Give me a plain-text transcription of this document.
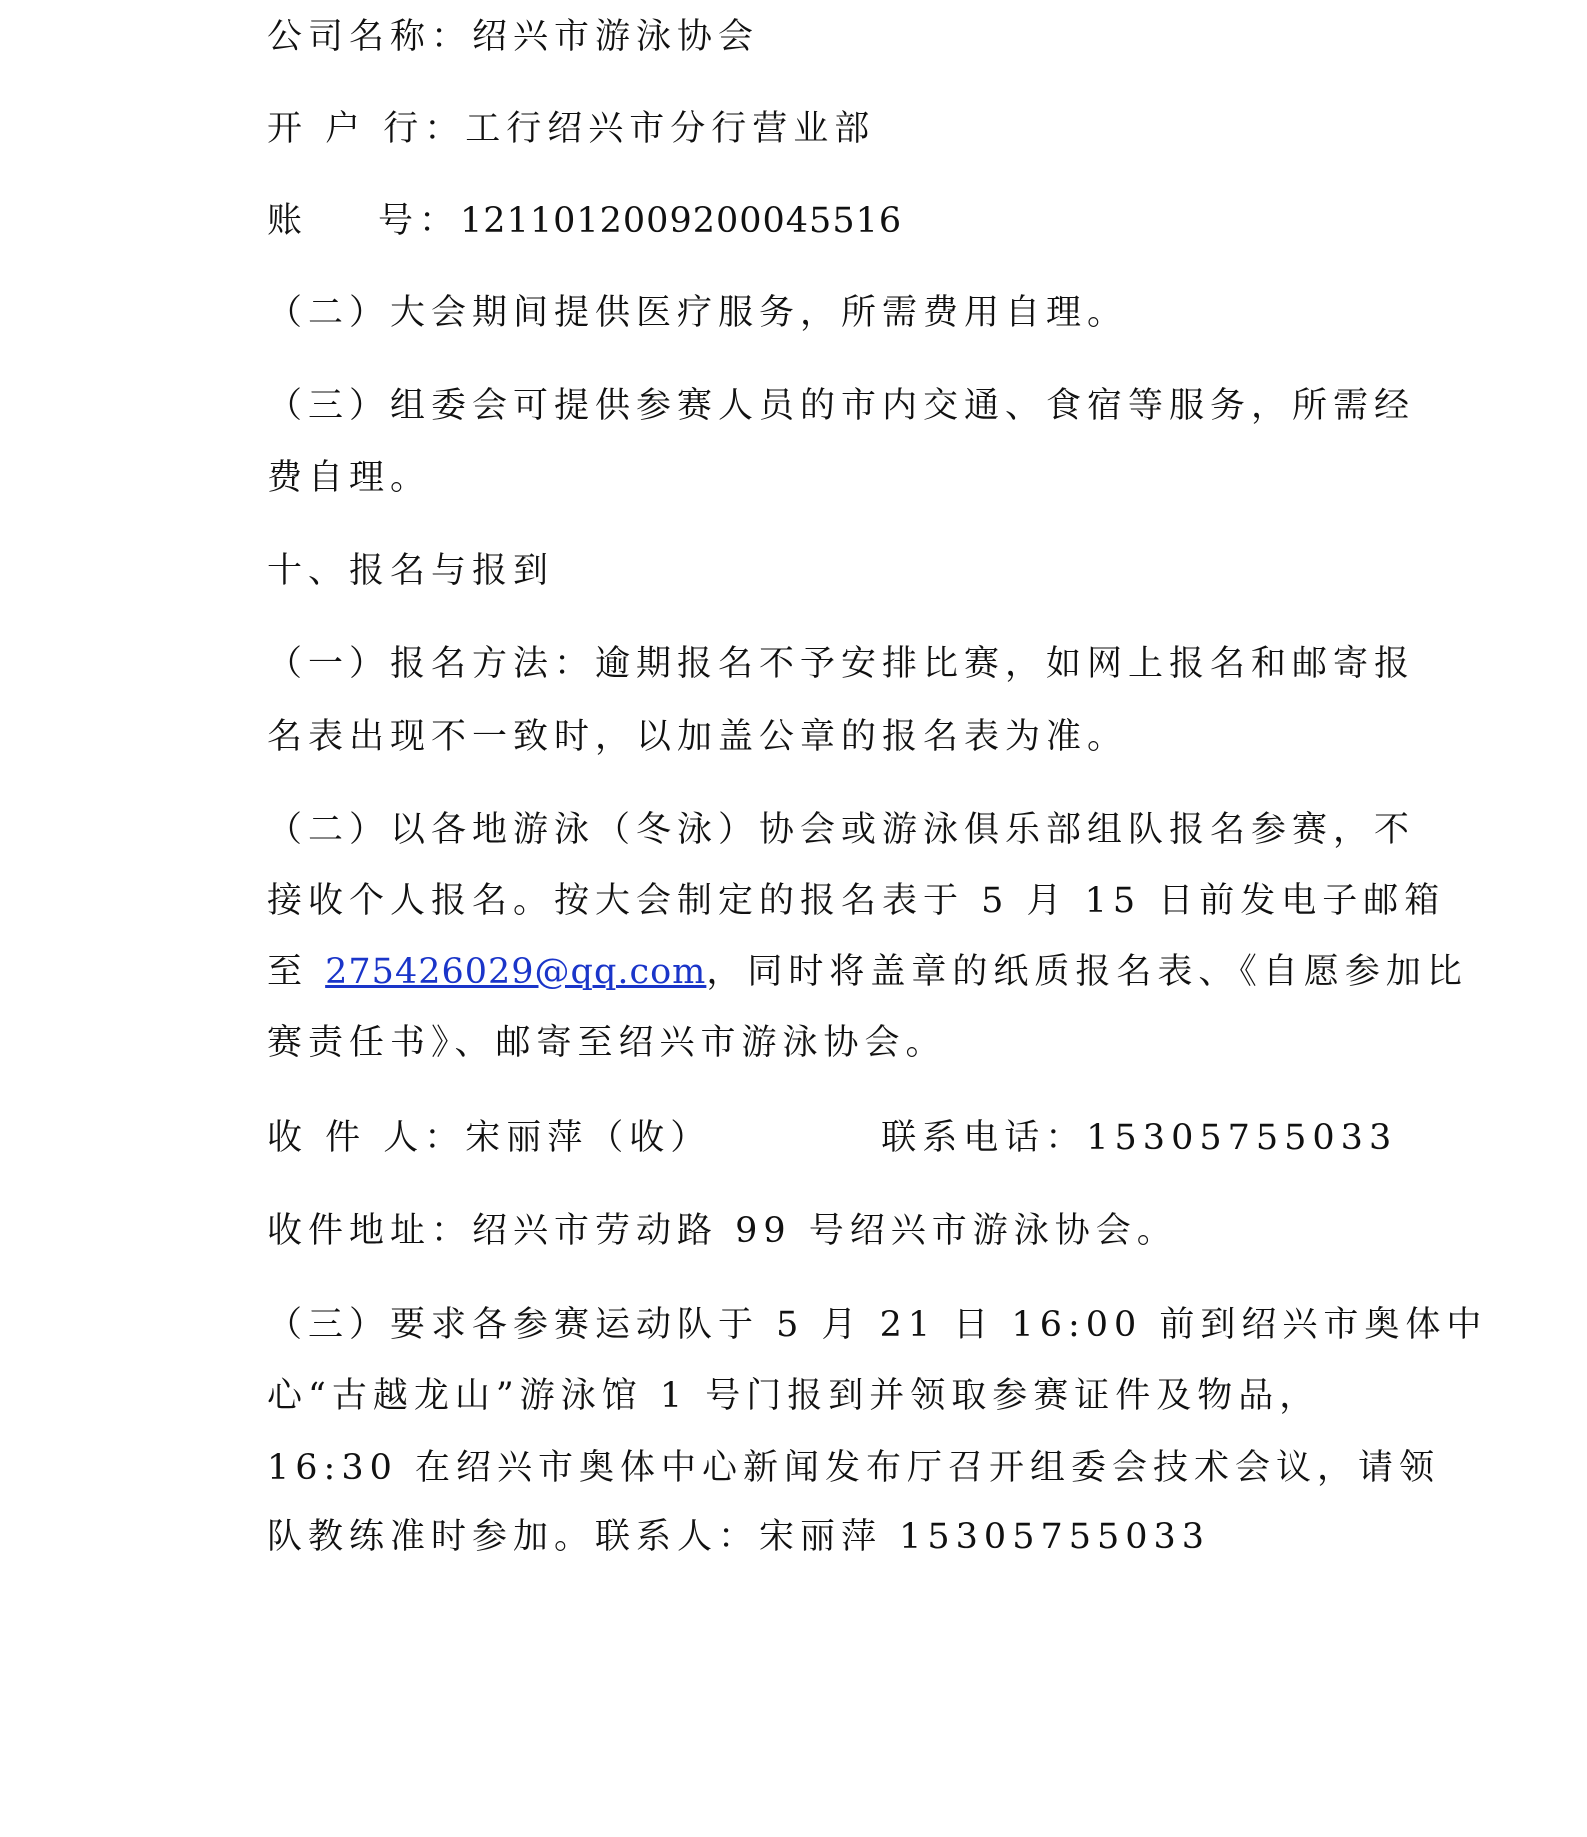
公司名称：绍兴市游泳协会
开 户 行：工行绍兴市分行营业部
账 号：1211012009200045516
（二）大会期间提供医疗服务，所需费用自理。
（三）组委会可提供参赛人员的市内交通、食宿等服务，所需经
费自理。
十、报名与报到
（一）报名方法：逾期报名不予安排比赛，如网上报名和邮寄报
名表出现不一致时，以加盖公章的报名表为准。
（二）以各地游泳（冬泳）协会或游泳俱乐部组队报名参赛，不
接收个人报名。按大会制定的报名表于 5 月 15 日前发电子邮箱
至 275426029@qq.com，同时将盖章的纸质报名表、《自愿参加比
赛责任书》、邮寄至绍兴市游泳协会。
收 件 人：宋丽萍（收）	联系电话：15305755033
收件地址：绍兴市劳动路 99 号绍兴市游泳协会。
（三）要求各参赛运动队于 5 月 21 日 16:00 前到绍兴市奥体中
心“古越龙山”游泳馆 1 号门报到并领取参赛证件及物品，
16:30 在绍兴市奥体中心新闻发布厅召开组委会技术会议，请领
队教练准时参加。联系人：宋丽萍 15305755033
